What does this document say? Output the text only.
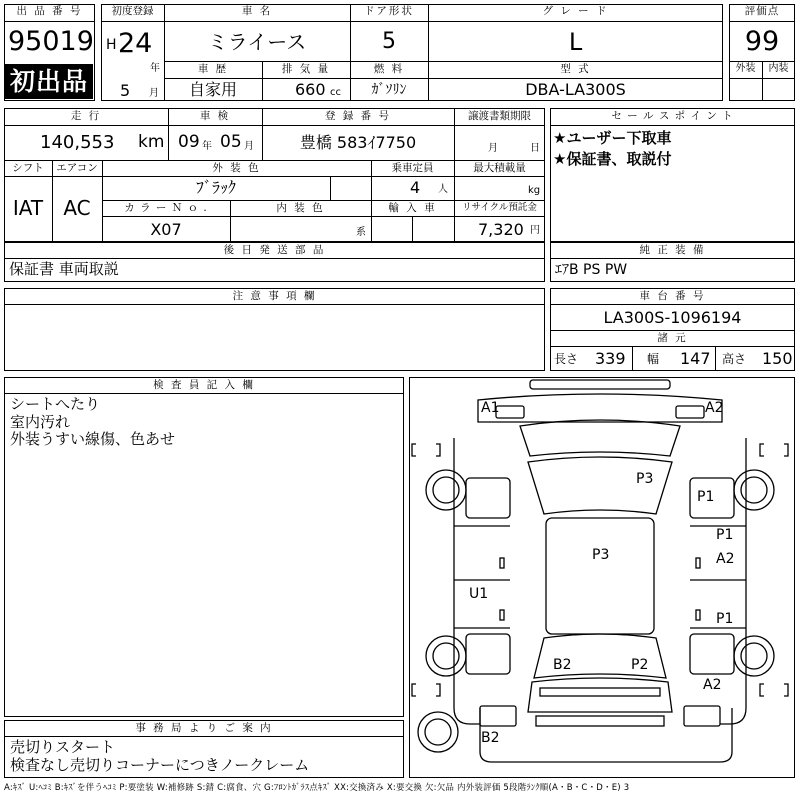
出 品 番 号
95019
初出品
初度登録
H 24
年
5 月
車 名
ミライース
ドア形状
5
グ レ ー ド
L
車 歴
自家用
排 気 量
660 cc
燃 料
ｶﾞｿﾘﾝ
型 式
DBA-LA300S
評価点
99
外装	内装
走 行
140,553 km
車 検
09 年 05 月
登 録 番 号
豊橋 583ｲ7750
譲渡書類期限
月	日
シフト
IAT
エアコン
AC
外 装 色
ﾌﾞﾗｯｸ
乗車定員
4 人
最大積載量
kg
カ ラ ー Ｎ ｏ .
X07
内 装 色
系
輸 入 車	リサイクル預託金
7,320 円
セ ー ル ス ポ イ ン ト
★ユーザー下取車
★保証書、取説付
後 日 発 送 部 品
保証書 車両取説
純 正 装 備
ｴｱB PS PW
注 意 事 項 欄	車 台 番 号
LA300S-1096194
諸 元
長さ 339 幅 147 高さ 150
検 査 員 記 入 欄
シートへたり
室内汚れ
外装うすい線傷、色あせ
事 務 局 よ り ご 案 内
売切りスタート
検査なし売切りコーナーにつきノークレーム
A1	A2
P3
P1
P1
A2
P3
U1
P1
B2	P2
A2
B2
A:ｷｽﾞ U:ﾍｺﾐ B:ｷｽﾞを伴うﾍｺﾐ P:要塗装 W:補修跡 S:錆 C:腐食、穴 G:ﾌﾛﾝﾄｶﾞﾗｽ点ｷｽﾞ XX:交換済み X:要交換 欠:欠品 内外装評価 5段階ﾗﾝｸ順(A・B・C・D・E) 3
